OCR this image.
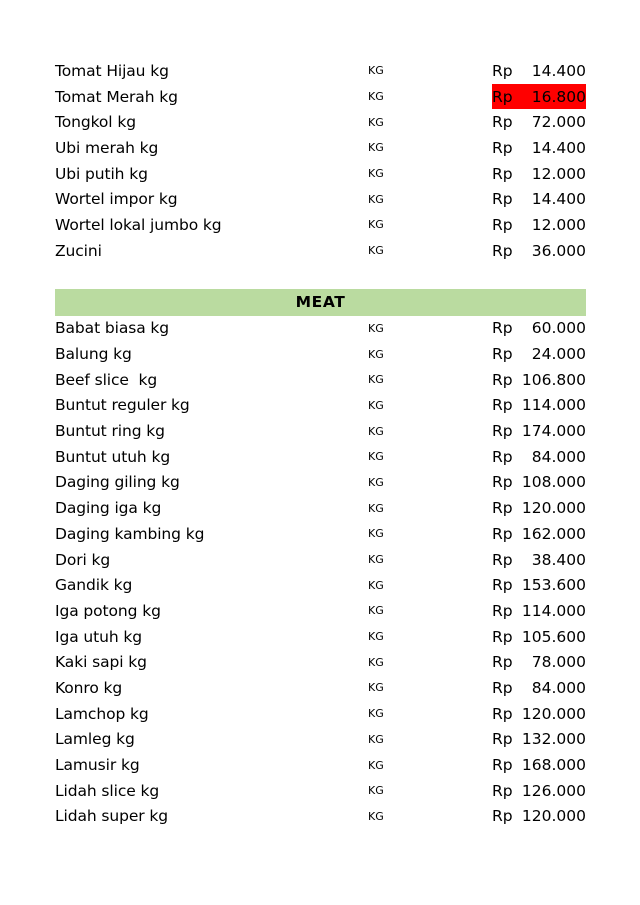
Tomat Hijau kg	KG	Rp	14.400
Tomat Merah kg	KG	Rp	16.800
Tongkol kg	KG	Rp	72.000
Ubi merah kg	KG	Rp	14.400
Ubi putih kg	KG	Rp	12.000
Wortel impor kg	KG	Rp	14.400
Wortel lokal jumbo kg	KG	Rp	12.000
Zucini	KG	Rp	36.000

MEAT			
Babat biasa kg	KG	Rp	60.000
Balung kg	KG	Rp	24.000
Beef slice  kg	KG	Rp	106.800
Buntut reguler kg	KG	Rp	114.000
Buntut ring kg	KG	Rp	174.000
Buntut utuh kg	KG	Rp	84.000
Daging giling kg	KG	Rp	108.000
Daging iga kg	KG	Rp	120.000
Daging kambing kg	KG	Rp	162.000
Dori kg	KG	Rp	38.400
Gandik kg	KG	Rp	153.600
Iga potong kg	KG	Rp	114.000
Iga utuh kg	KG	Rp	105.600
Kaki sapi kg	KG	Rp	78.000
Konro kg	KG	Rp	84.000
Lamchop kg	KG	Rp	120.000
Lamleg kg	KG	Rp	132.000
Lamusir kg	KG	Rp	168.000
Lidah slice kg	KG	Rp	126.000
Lidah super kg	KG	Rp	120.000
